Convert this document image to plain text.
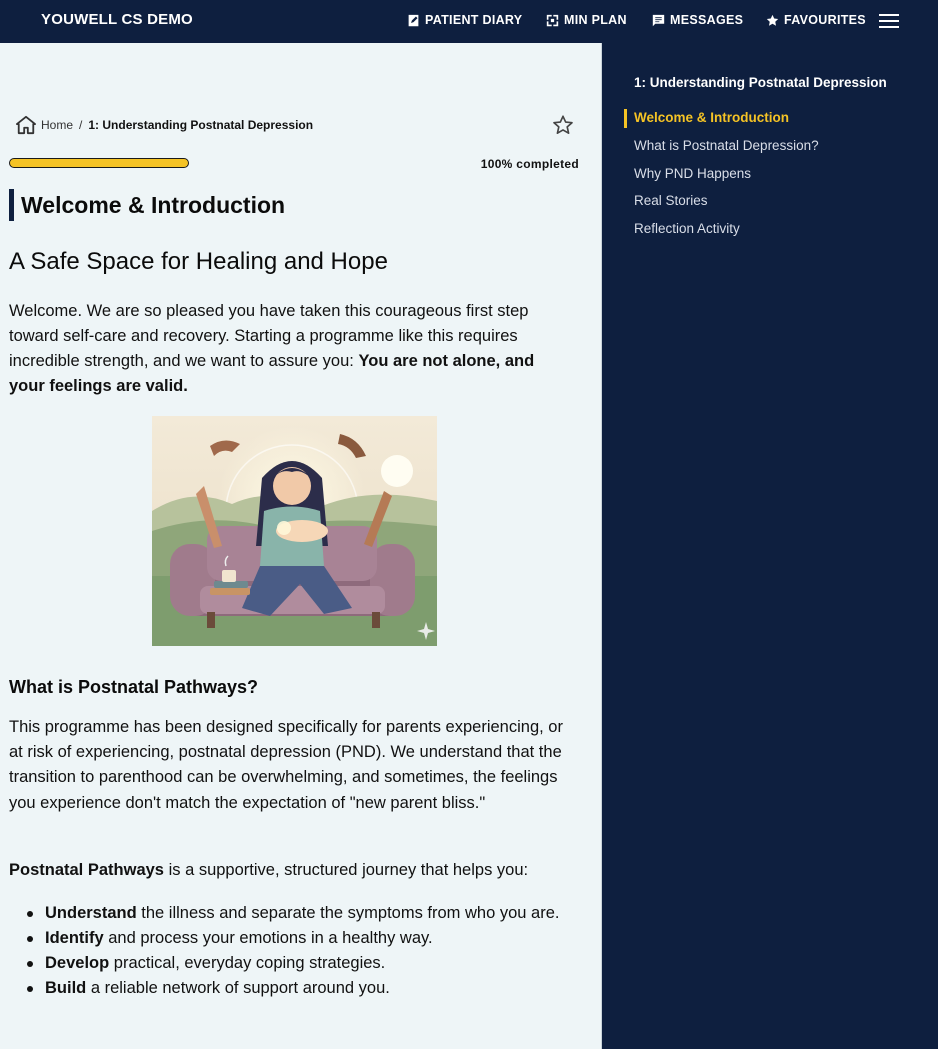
YOUWELL CS DEMO	PATIENT DIARY	MIN PLAN	MESSAGES	FAVOURITES
Home / 1: Understanding Postnatal Depression
100% completed
Welcome & Introduction
A Safe Space for Healing and Hope

Welcome. We are so pleased you have taken this courageous first step toward self-care and recovery. Starting a programme like this requires incredible strength, and we want to assure you: You are not alone, and your feelings are valid.

What is Postnatal Pathways?

This programme has been designed specifically for parents experiencing, or at risk of experiencing, postnatal depression (PND). We understand that the transition to parenthood can be overwhelming, and sometimes, the feelings you experience don't match the expectation of "new parent bliss."

Postnatal Pathways is a supportive, structured journey that helps you:

Understand the illness and separate the symptoms from who you are.
Identify and process your emotions in a healthy way.
Develop practical, everyday coping strategies.
Build a reliable network of support around you.
1: Understanding Postnatal Depression
Welcome & Introduction
What is Postnatal Depression?
Why PND Happens
Real Stories
Reflection Activity
